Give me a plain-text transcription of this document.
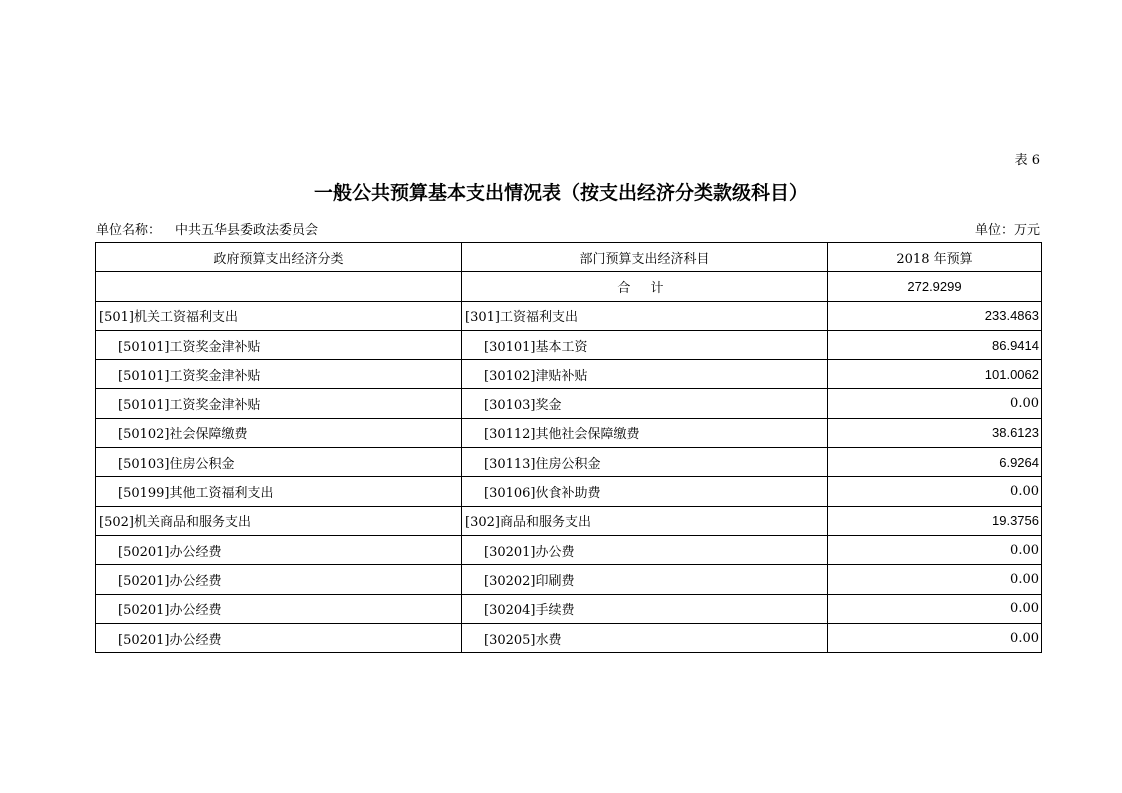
表 6
一般公共预算基本支出情况表（按支出经济分类款级科目）
单位名称： 中共五华县委政法委员会	单位：万元
政府预算支出经济分类	部门预算支出经济科目	2018 年预算
	合 计	272.9299
[501]机关工资福利支出	[301]工资福利支出	233.4863
[50101]工资奖金津补贴	[30101]基本工资	86.9414
[50101]工资奖金津补贴	[30102]津贴补贴	101.0062
[50101]工资奖金津补贴	[30103]奖金	0.00
[50102]社会保障缴费	[30112]其他社会保障缴费	38.6123
[50103]住房公积金	[30113]住房公积金	6.9264
[50199]其他工资福利支出	[30106]伙食补助费	0.00
[502]机关商品和服务支出	[302]商品和服务支出	19.3756
[50201]办公经费	[30201]办公费	0.00
[50201]办公经费	[30202]印刷费	0.00
[50201]办公经费	[30204]手续费	0.00
[50201]办公经费	[30205]水费	0.00
